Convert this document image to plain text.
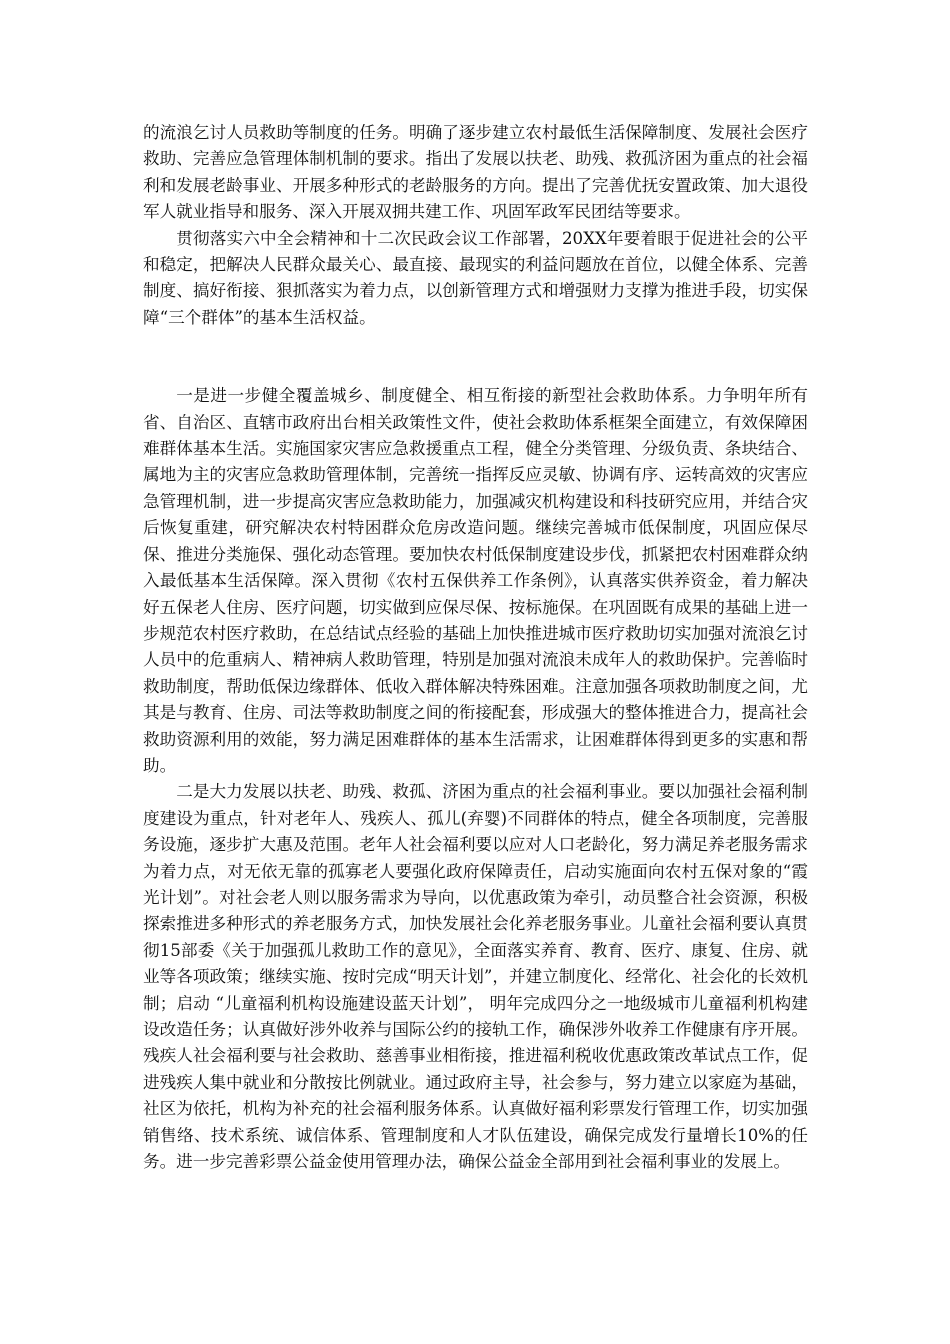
的流浪乞讨人员救助等制度的任务。明确了逐步建立农村最低生活保障制度、发展社会医疗救助、完善应急管理体制机制的要求。指出了发展以扶老、助残、救孤济困为重点的社会福利和发展老龄事业、开展多种形式的老龄服务的方向。提出了完善优抚安置政策、加大退役军人就业指导和服务、深入开展双拥共建工作、巩固军政军民团结等要求。

贯彻落实六中全会精神和十二次民政会议工作部署，20XX年要着眼于促进社会的公平和稳定，把解决人民群众最关心、最直接、最现实的利益问题放在首位，以健全体系、完善制度、搞好衔接、狠抓落实为着力点，以创新管理方式和增强财力支撑为推进手段，切实保障“三个群体”的基本生活权益。

一是进一步健全覆盖城乡、制度健全、相互衔接的新型社会救助体系。力争明年所有省、自治区、直辖市政府出台相关政策性文件，使社会救助体系框架全面建立，有效保障困难群体基本生活。实施国家灾害应急救援重点工程，健全分类管理、分级负责、条块结合、属地为主的灾害应急救助管理体制，完善统一指挥反应灵敏、协调有序、运转高效的灾害应急管理机制，进一步提高灾害应急救助能力，加强减灾机构建设和科技研究应用，并结合灾后恢复重建，研究解决农村特困群众危房改造问题。继续完善城市低保制度，巩固应保尽保、推进分类施保、强化动态管理。要加快农村低保制度建设步伐，抓紧把农村困难群众纳入最低基本生活保障。深入贯彻《农村五保供养工作条例》，认真落实供养资金，着力解决好五保老人住房、医疗问题，切实做到应保尽保、按标施保。在巩固既有成果的基础上进一步规范农村医疗救助，在总结试点经验的基础上加快推进城市医疗救助切实加强对流浪乞讨人员中的危重病人、精神病人救助管理，特别是加强对流浪未成年人的救助保护。完善临时救助制度，帮助低保边缘群体、低收入群体解决特殊困难。注意加强各项救助制度之间，尤其是与教育、住房、司法等救助制度之间的衔接配套，形成强大的整体推进合力，提高社会救助资源利用的效能，努力满足困难群体的基本生活需求，让困难群体得到更多的实惠和帮助。

二是大力发展以扶老、助残、救孤、济困为重点的社会福利事业。要以加强社会福利制度建设为重点，针对老年人、残疾人、孤儿(弃婴)不同群体的特点，健全各项制度，完善服务设施，逐步扩大惠及范围。老年人社会福利要以应对人口老龄化，努力满足养老服务需求为着力点，对无依无靠的孤寡老人要强化政府保障责任，启动实施面向农村五保对象的“霞光计划”。对社会老人则以服务需求为导向，以优惠政策为牵引，动员整合社会资源，积极探索推进多种形式的养老服务方式，加快发展社会化养老服务事业。儿童社会福利要认真贯彻15部委《关于加强孤儿救助工作的意见》，全面落实养育、教育、医疗、康复、住房、就业等各项政策；继续实施、按时完成“明天计划”，并建立制度化、经常化、社会化的长效机制；启动 “儿童福利机构设施建设蓝天计划”， 明年完成四分之一地级城市儿童福利机构建设改造任务；认真做好涉外收养与国际公约的接轨工作，确保涉外收养工作健康有序开展。残疾人社会福利要与社会救助、慈善事业相衔接，推进福利税收优惠政策改革试点工作，促进残疾人集中就业和分散按比例就业。通过政府主导，社会参与，努力建立以家庭为基础，社区为依托，机构为补充的社会福利服务体系。认真做好福利彩票发行管理工作，切实加强销售络、技术系统、诚信体系、管理制度和人才队伍建设，确保完成发行量增长10%的任务。进一步完善彩票公益金使用管理办法，确保公益金全部用到社会福利事业的发展上。
